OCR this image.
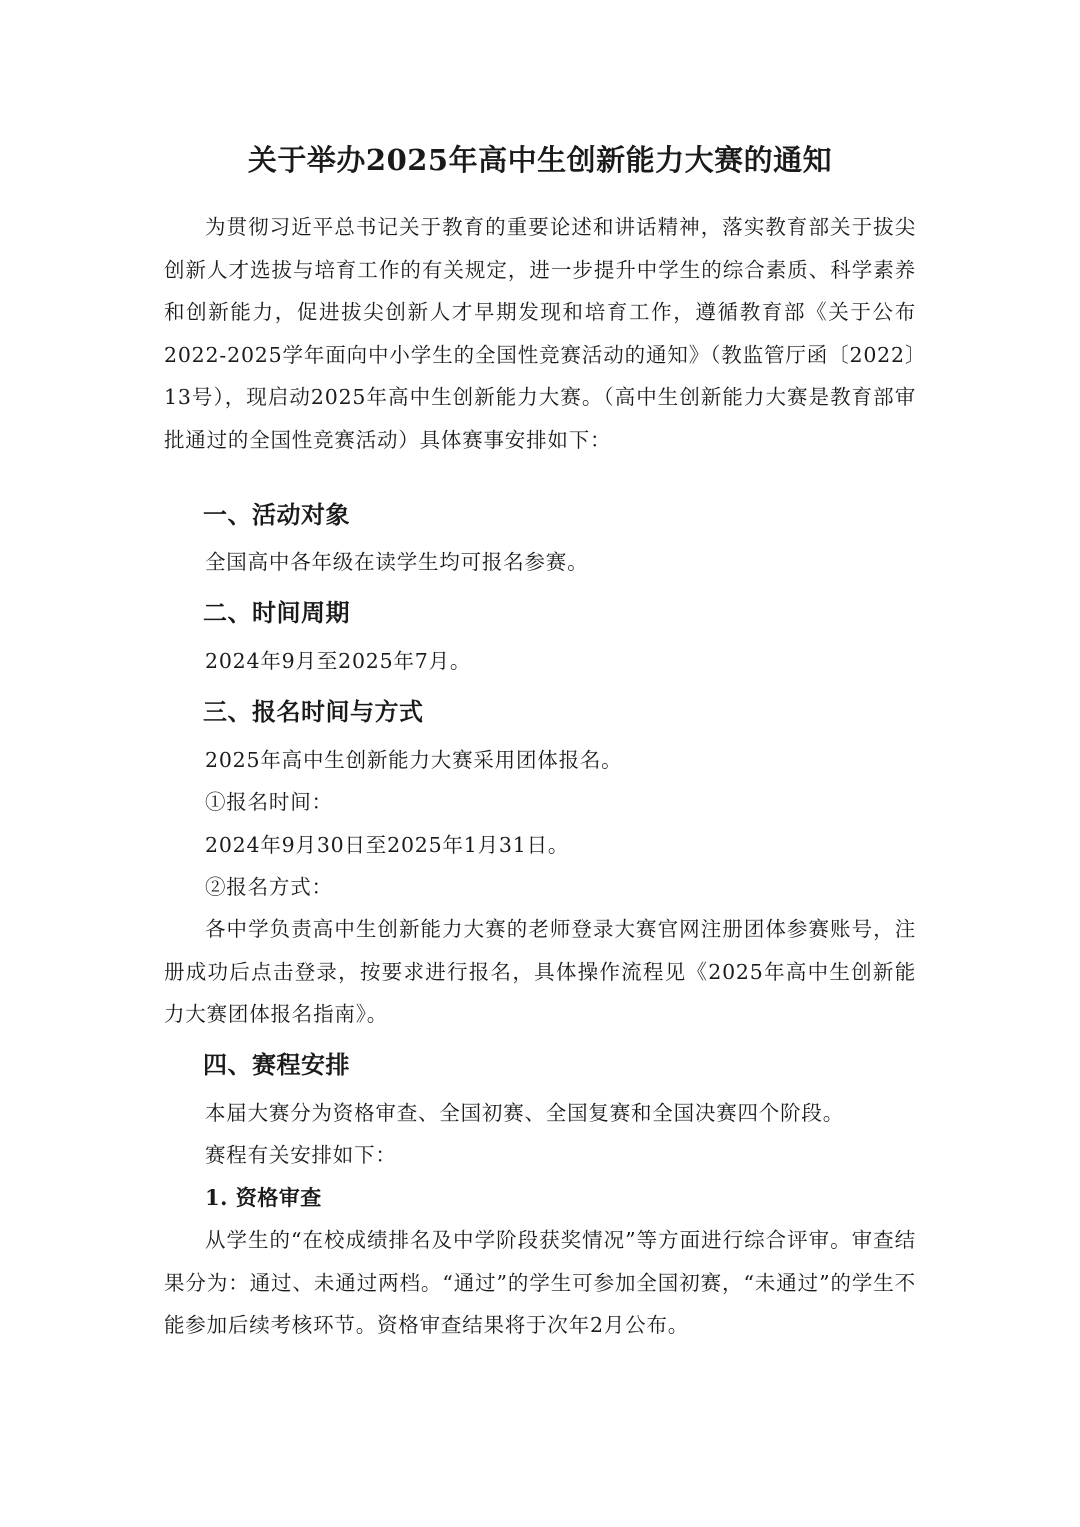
关于举办2025年高中生创新能力大赛的通知

为贯彻习近平总书记关于教育的重要论述和讲话精神，落实教育部关于拔尖创新人才选拔与培育工作的有关规定，进一步提升中学生的综合素质、科学素养和创新能力，促进拔尖创新人才早期发现和培育工作，遵循教育部《关于公布2022-2025学年面向中小学生的全国性竞赛活动的通知》（教监管厅函〔2022〕13号），现启动2025年高中生创新能力大赛。（高中生创新能力大赛是教育部审批通过的全国性竞赛活动）具体赛事安排如下：

一、活动对象

全国高中各年级在读学生均可报名参赛。

二、时间周期

2024年9月至2025年7月。

三、报名时间与方式

2025年高中生创新能力大赛采用团体报名。

①报名时间：

2024年9月30日至2025年1月31日。

②报名方式：

各中学负责高中生创新能力大赛的老师登录大赛官网注册团体参赛账号，注册成功后点击登录，按要求进行报名，具体操作流程见《2025年高中生创新能力大赛团体报名指南》。

四、赛程安排

本届大赛分为资格审查、全国初赛、全国复赛和全国决赛四个阶段。

赛程有关安排如下：

1. 资格审查

从学生的“在校成绩排名及中学阶段获奖情况”等方面进行综合评审。审查结果分为：通过、未通过两档。“通过”的学生可参加全国初赛，“未通过”的学生不能参加后续考核环节。资格审查结果将于次年2月公布。
